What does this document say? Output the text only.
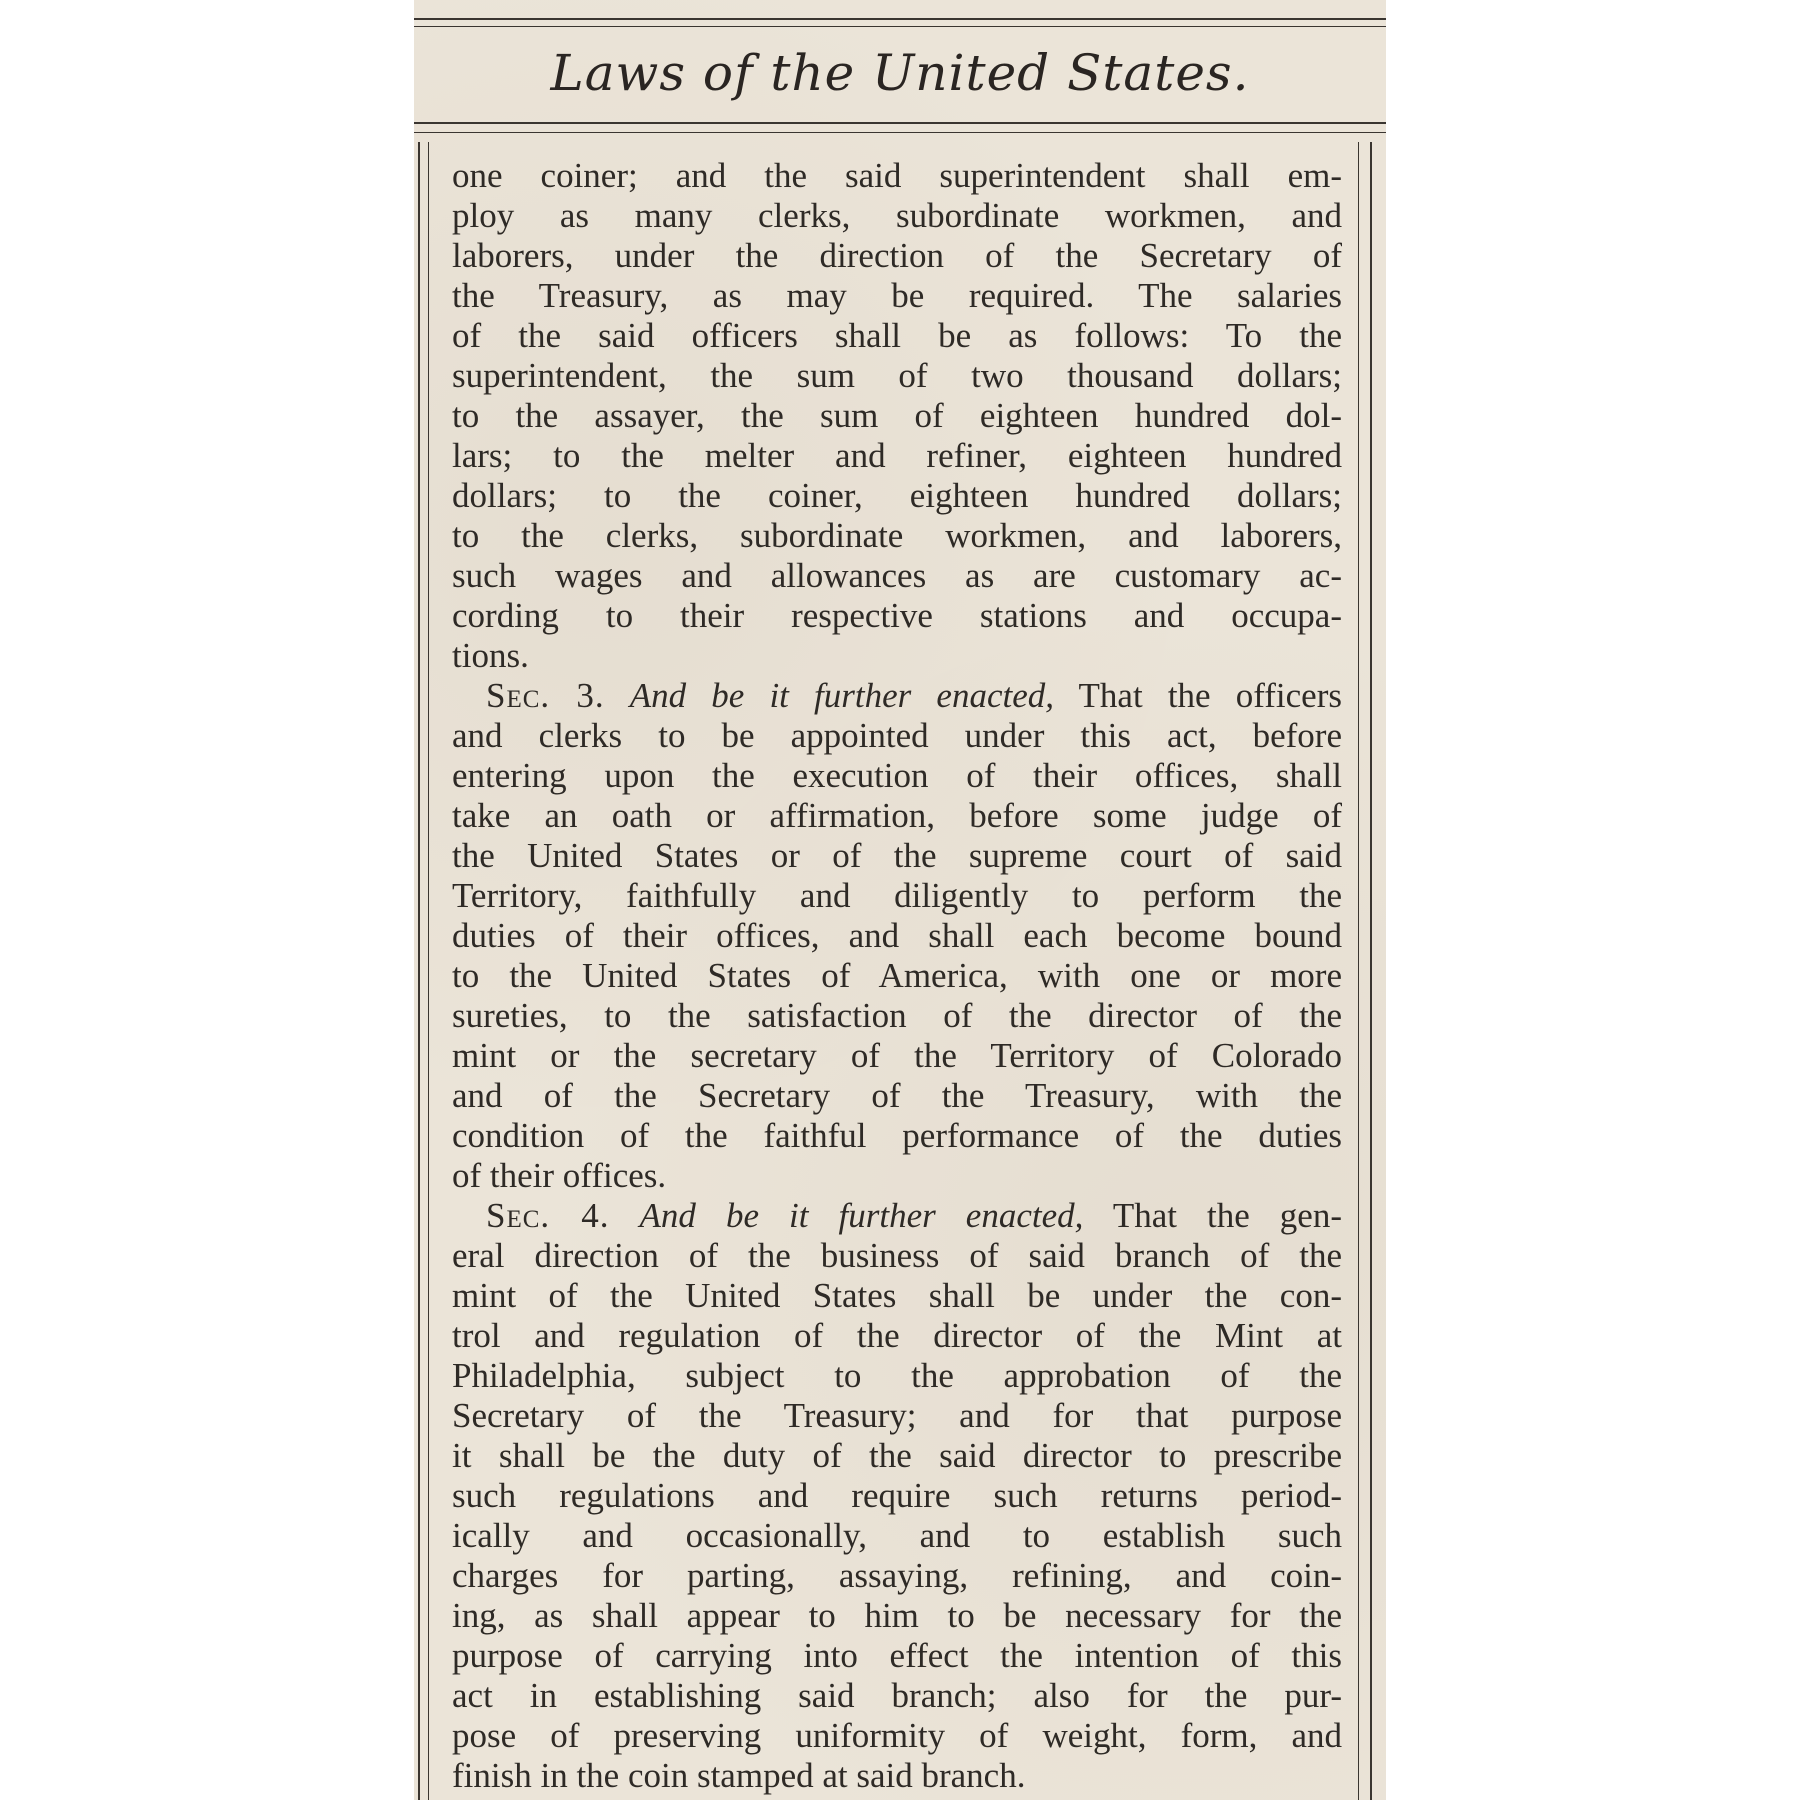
Laws of the United States.
one coiner; and the said superintendent shall em-
ploy as many clerks, subordinate workmen, and
laborers, under the direction of the Secretary of
the Treasury, as may be required. The salaries
of the said officers shall be as follows: To the
superintendent, the sum of two thousand dollars;
to the assayer, the sum of eighteen hundred dol-
lars; to the melter and refiner, eighteen hundred
dollars; to the coiner, eighteen hundred dollars;
to the clerks, subordinate workmen, and laborers,
such wages and allowances as are customary ac-
cording to their respective stations and occupa-
tions.
Sec. 3. And be it further enacted, That the officers
and clerks to be appointed under this act, before
entering upon the execution of their offices, shall
take an oath or affirmation, before some judge of
the United States or of the supreme court of said
Territory, faithfully and diligently to perform the
duties of their offices, and shall each become bound
to the United States of America, with one or more
sureties, to the satisfaction of the director of the
mint or the secretary of the Territory of Colorado
and of the Secretary of the Treasury, with the
condition of the faithful performance of the duties
of their offices.
Sec. 4. And be it further enacted, That the gen-
eral direction of the business of said branch of the
mint of the United States shall be under the con-
trol and regulation of the director of the Mint at
Philadelphia, subject to the approbation of the
Secretary of the Treasury; and for that purpose
it shall be the duty of the said director to prescribe
such regulations and require such returns period-
ically and occasionally, and to establish such
charges for parting, assaying, refining, and coin-
ing, as shall appear to him to be necessary for the
purpose of carrying into effect the intention of this
act in establishing said branch; also for the pur-
pose of preserving uniformity of weight, form, and
finish in the coin stamped at said branch.
